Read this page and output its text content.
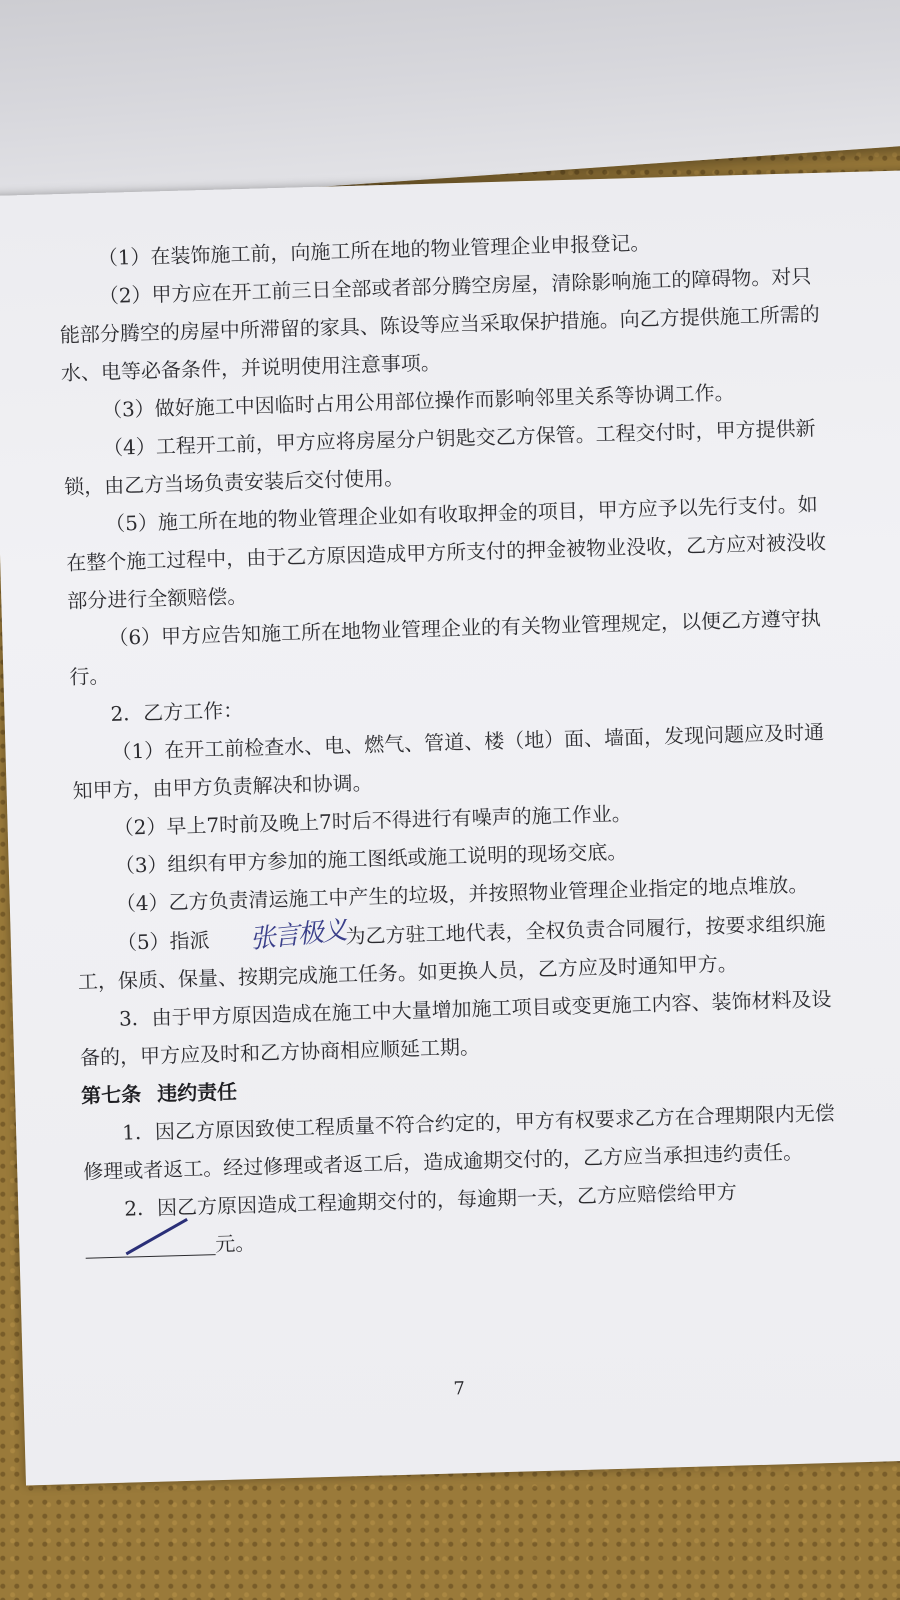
（1）在装饰施工前，向施工所在地的物业管理企业申报登记。

（2）甲方应在开工前三日全部或者部分腾空房屋，清除影响施工的障碍物。对只能部分腾空的房屋中所滞留的家具、陈设等应当采取保护措施。向乙方提供施工所需的水、电等必备条件，并说明使用注意事项。

（3）做好施工中因临时占用公用部位操作而影响邻里关系等协调工作。

（4）工程开工前，甲方应将房屋分户钥匙交乙方保管。工程交付时，甲方提供新锁，由乙方当场负责安装后交付使用。

（5）施工所在地的物业管理企业如有收取押金的项目，甲方应予以先行支付。如在整个施工过程中，由于乙方原因造成甲方所支付的押金被物业没收，乙方应对被没收部分进行全额赔偿。

（6）甲方应告知施工所在地物业管理企业的有关物业管理规定，以便乙方遵守执行。

2．乙方工作：

（1）在开工前检查水、电、燃气、管道、楼（地）面、墙面，发现问题应及时通知甲方，由甲方负责解决和协调。

（2）早上7时前及晚上7时后不得进行有噪声的施工作业。

（3）组织有甲方参加的施工图纸或施工说明的现场交底。

（4）乙方负责清运施工中产生的垃圾，并按照物业管理企业指定的地点堆放。

（5）指派 张言极义为乙方驻工地代表，全权负责合同履行，按要求组织施工，保质、保量、按期完成施工任务。如更换人员，乙方应及时通知甲方。

3．由于甲方原因造成在施工中大量增加施工项目或变更施工内容、装饰材料及设备的，甲方应及时和乙方协商相应顺延工期。

第七条 违约责任

1．因乙方原因致使工程质量不符合约定的，甲方有权要求乙方在合理期限内无偿修理或者返工。经过修理或者返工后，造成逾期交付的，乙方应当承担违约责任。

2．因乙方原因造成工程逾期交付的，每逾期一天，乙方应赔偿给甲方
元。

7
